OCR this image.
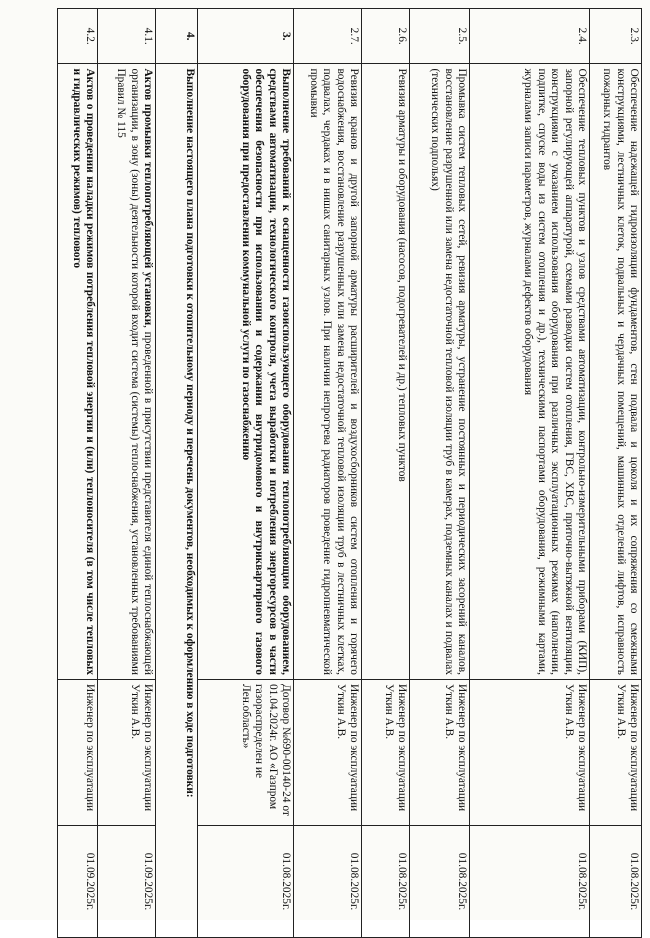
2.3.	Обеспечение надежащей гидроизоляции фундаментов, стен подвала и цоколя и их сопряжения со смежными конструкциями, лестничных клеток, подвальных и чердачных помещений, машинных отделений лифтов, исправность пожарных гидрантов	Инженер по эксплуатации Уткин А.В.	01.08.2025г.
2.4.	Обеспечение тепловых пунктов и узлов средствами автоматизации, контрольно-измерительными приборами (КИП), запорной регулирующей аппаратурой, схемами разводки систем отопления, ГВС, ХВС, приточно-вытяжной вентиляции, конструкциями с указанием использования оборудования при различных эксплуатационных режимах (наполнении, подпитке, спуске воды из систем отопления и др.), техническими паспортами оборудования, режимными картами, журналами записи параметров, журналами дефектов оборудования	Инженер по эксплуатации Уткин А.В.	01.08.2025г.
2.5.	Промывка систем тепловых сетей, ревизия арматуры, устранение постоянных и периодических засорений каналов, восстановление разрушенной или замена недостаточной тепловой изоляции труб в камерах, подземных каналах и подвалах (технических подпольях)	Инженер по эксплуатации Уткин А.В.	01.08.2025г.
2.6.	Ревизия арматуры и оборудования (насосов, подогревателей и др.) тепловых пунктов	Инженер по эксплуатации Уткин А.В.	01.08.2025г.
2.7.	Ревизия кранов и другой запорной арматуры расширителей и воздухосборников систем отопления и горячего водоснабжения, восстановление разрушенных или замена недостаточной тепловой изоляции труб в лестничных клетках, подвалах, чердаках и в нишах санитарных узлов. При наличии непрогрева радиаторов проведение гидропневматической промывки	Инженер по эксплуатации Уткин А.В.	01.08.2025г.
3.	Выполнение требований к оснащенности газоиспользующего оборудования теплопотребляющим оборудованием, средствами автоматизации, технологического контроля, учета выработки и потребления энергоресурсов в части обеспечения безопасности при использовании и содержании внутридомового и внутриквартирного газового оборудования при предоставлении коммунальной услуги по газоснабжению	Договор №690-00140-24 от 01.04.2024г. АО «Газпром газораспределен ие Лен.область»	01.08.2025г.
4.	Выполнение настоящего плана подготовки к отопительному периоду и перечень документов, необходимых к оформлению в ходе подготовки:		
4.1.	Актов промывки теплопотребляющей установки, проведенной в присутствии представителя единой теплоснабжающей организации, в зону (зоны) деятельности которой входит система (системы) теплоснабжения, установленных требованиями Правил № 115	Инженер по эксплуатации Уткин А.В.	01.09.2025г.
4.2.	Актов о проведении наладки режимов потребления тепловой энергии и (или) теплоносителя (в том числе тепловых и гидравлических режимов) теплового	Инженер по эксплуатации	01.09.2025г.
